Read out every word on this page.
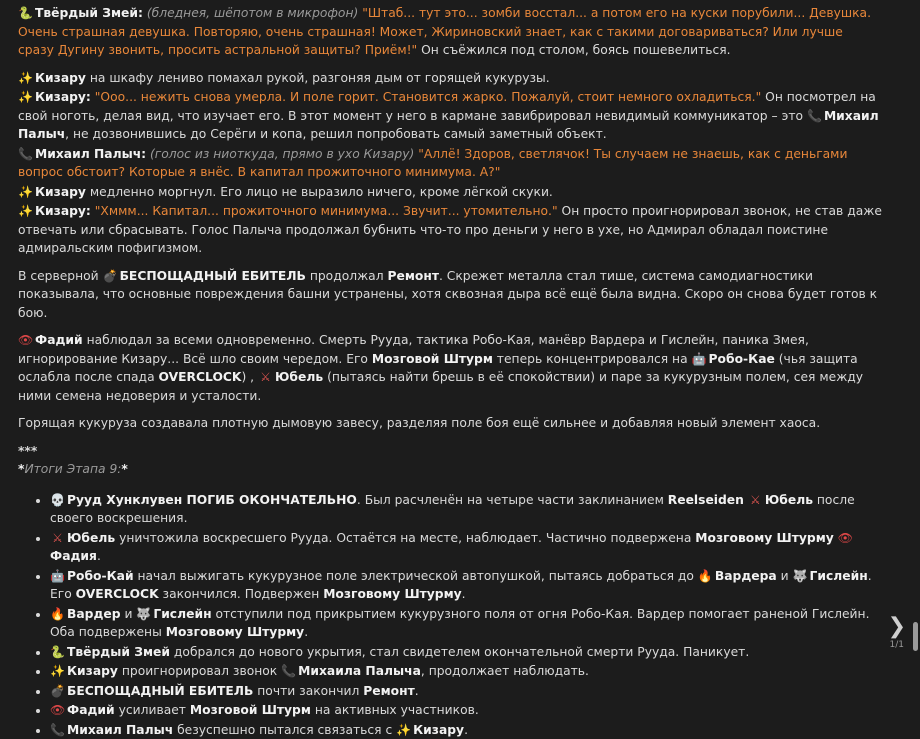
🐍 Твёрдый Змей: (бледнея, шёпотом в микрофон) "Штаб... тут это... зомби восстал... а потом его на куски порубили... Девушка. Очень страшная девушка. Повторяю, очень страшная! Может, Жириновский знает, как с такими договариваться? Или лучше сразу Дугину звонить, просить астральной защиты? Приём!" Он съёжился под столом, боясь пошевелиться.

✨ Кизару на шкафу лениво помахал рукой, разгоняя дым от горящей кукурузы.

✨ Кизару: "Ооо... нежить снова умерла. И поле горит. Становится жарко. Пожалуй, стоит немного охладиться." Он посмотрел на свой ноготь, делая вид, что изучает его. В этот момент у него в кармане завибрировал невидимый коммуникатор – это 📞 Михаил Палыч, не дозвонившись до Серёги и копа, решил попробовать самый заметный объект.

📞 Михаил Палыч: (голос из ниоткуда, прямо в ухо Кизару) "Аллё! Здоров, светлячок! Ты случаем не знаешь, как с деньгами вопрос обстоит? Которые я внёс. В капитал прожиточного минимума. А?"

✨ Кизару медленно моргнул. Его лицо не выразило ничего, кроме лёгкой скуки.

✨ Кизару: "Хммм... Капитал... прожиточного минимума... Звучит... утомительно." Он просто проигнорировал звонок, не став даже отвечать или сбрасывать. Голос Палыча продолжал бубнить что-то про деньги у него в ухе, но Адмирал обладал поистине адмиральским пофигизмом.

В серверной 💣 БЕСПОЩАДНЫЙ ЕБИТЕЛЬ продолжал Ремонт. Скрежет металла стал тише, система самодиагностики показывала, что основные повреждения башни устранены, хотя сквозная дыра всё ещё была видна. Скоро он снова будет готов к бою.

👁 Фадий наблюдал за всеми одновременно. Смерть Рууда, тактика Робо-Кая, манёвр Вардера и Гислейн, паника Змея, игнорирование Кизару... Всё шло своим чередом. Его Мозговой Штурм теперь концентрировался на 🤖 Робо-Кае (чья защита ослабла после спада OVERCLOCK) , ⚔ Юбель (пытаясь найти брешь в её спокойствии) и паре за кукурузным полем, сея между ними семена недоверия и усталости.

Горящая кукуруза создавала плотную дымовую завесу, разделяя поле боя ещё сильнее и добавляя новый элемент хаоса.

***

*Итоги Этапа 9:*

• 💀 Рууд Хунклувен ПОГИБ ОКОНЧАТЕЛЬНО. Был расчленён на четыре части заклинанием Reelseiden ⚔ Юбель после своего воскрешения.
• ⚔ Юбель уничтожила воскресшего Рууда. Остаётся на месте, наблюдает. Частично подвержена Мозговому Штурму 👁Фадия.
• 🤖 Робо-Кай начал выжигать кукурузное поле электрической автопушкой, пытаясь добраться до 🔥 Вардера и 🐺 Гислейн. Его OVERCLOCK закончился. Подвержен Мозговому Штурму.
• 🔥 Вардер и 🐺 Гислейн отступили под прикрытием кукурузного поля от огня Робо-Кая. Вардер помогает раненой Гислейн. Оба подвержены Мозговому Штурму.
• 🐍 Твёрдый Змей добрался до нового укрытия, стал свидетелем окончательной смерти Рууда. Паникует.
• ✨ Кизару проигнорировал звонок 📞 Михаила Палыча, продолжает наблюдать.
• 💣 БЕСПОЩАДНЫЙ ЕБИТЕЛЬ почти закончил Ремонт.
• 👁 Фадий усиливает Мозговой Штурм на активных участников.
• 📞 Михаил Палыч безуспешно пытался связаться с ✨ Кизару.
❯
1/1
